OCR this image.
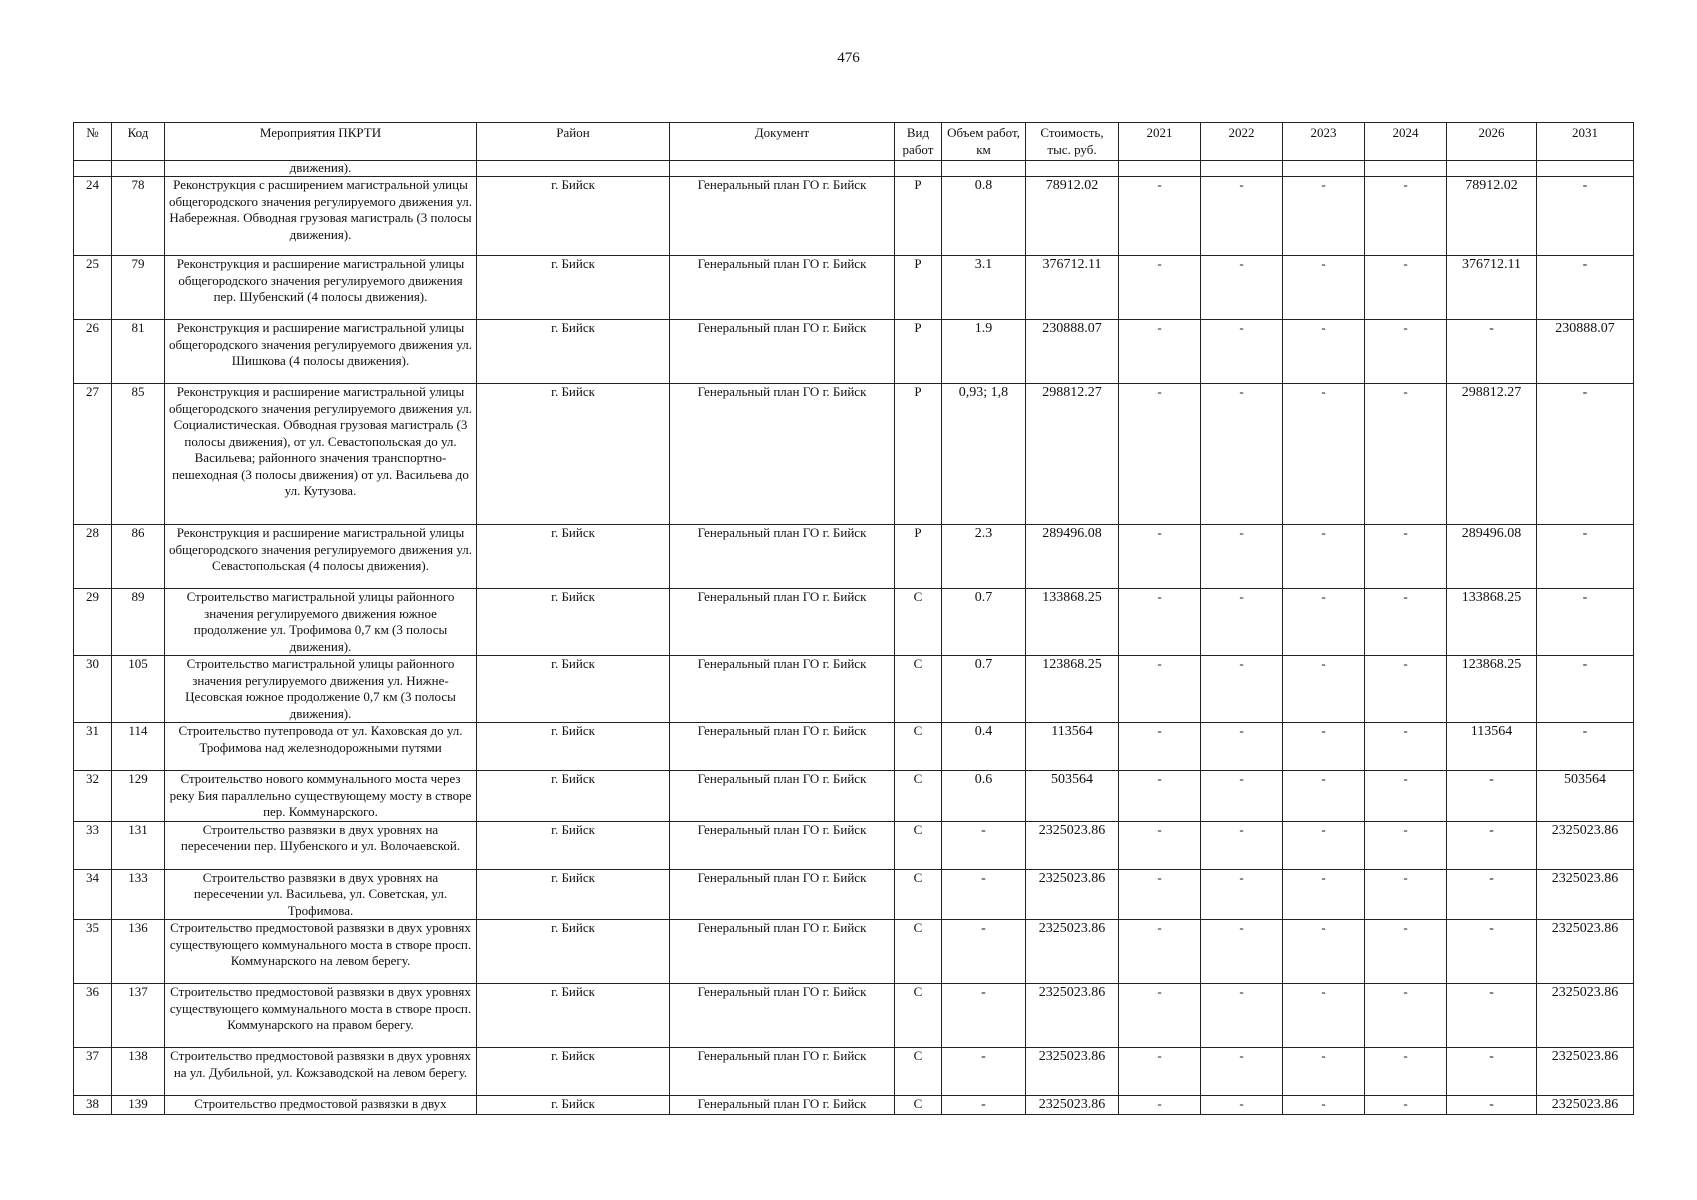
476
№	Код	Мероприятия ПКРТИ	Район	Документ	Вид работ	Объем работ, км	Стоимость, тыс. руб.	2021	2022	2023	2024	2026	2031
		движения).											
24	78	Реконструкция с расширением магистральной улицы общегородского значения регулируемого движения ул. Набережная. Обводная грузовая магистраль (3 полосы движения).	г. Бийск	Генеральный план ГО г. Бийск	Р	0.8	78912.02	-	-	-	-	78912.02	-
25	79	Реконструкция и расширение магистральной улицы общегородского значения регулируемого движения пер. Шубенский (4 полосы движения).	г. Бийск	Генеральный план ГО г. Бийск	Р	3.1	376712.11	-	-	-	-	376712.11	-
26	81	Реконструкция и расширение магистральной улицы общегородского значения регулируемого движения ул. Шишкова (4 полосы движения).	г. Бийск	Генеральный план ГО г. Бийск	Р	1.9	230888.07	-	-	-	-	-	230888.07
27	85	Реконструкция и расширение магистральной улицы общегородского значения регулируемого движения ул. Социалистическая. Обводная грузовая магистраль (3 полосы движения), от ул. Севастопольская до ул. Васильева; районного значения транспортно-пешеходная (3 полосы движения) от ул. Васильева до ул. Кутузова.	г. Бийск	Генеральный план ГО г. Бийск	Р	0,93; 1,8	298812.27	-	-	-	-	298812.27	-
28	86	Реконструкция и расширение магистральной улицы общегородского значения регулируемого движения ул. Севастопольская (4 полосы движения).	г. Бийск	Генеральный план ГО г. Бийск	Р	2.3	289496.08	-	-	-	-	289496.08	-
29	89	Строительство магистральной улицы районного значения регулируемого движения южное продолжение ул. Трофимова 0,7 км (3 полосы движения).	г. Бийск	Генеральный план ГО г. Бийск	С	0.7	133868.25	-	-	-	-	133868.25	-
30	105	Строительство магистральной улицы районного значения регулируемого движения ул. Нижне-Цесовская южное продолжение 0,7 км (3 полосы движения).	г. Бийск	Генеральный план ГО г. Бийск	С	0.7	123868.25	-	-	-	-	123868.25	-
31	114	Строительство путепровода от ул. Каховская до ул. Трофимова над железнодорожными путями	г. Бийск	Генеральный план ГО г. Бийск	С	0.4	113564	-	-	-	-	113564	-
32	129	Строительство нового коммунального моста через реку Бия параллельно существующему мосту в створе пер. Коммунарского.	г. Бийск	Генеральный план ГО г. Бийск	С	0.6	503564	-	-	-	-	-	503564
33	131	Строительство развязки в двух уровнях на пересечении пер. Шубенского и ул. Волочаевской.	г. Бийск	Генеральный план ГО г. Бийск	С	-	2325023.86	-	-	-	-	-	2325023.86
34	133	Строительство развязки в двух уровнях на пересечении ул. Васильева, ул. Советская, ул. Трофимова.	г. Бийск	Генеральный план ГО г. Бийск	С	-	2325023.86	-	-	-	-	-	2325023.86
35	136	Строительство предмостовой развязки в двух уровнях существующего коммунального моста в створе просп. Коммунарского на левом берегу.	г. Бийск	Генеральный план ГО г. Бийск	С	-	2325023.86	-	-	-	-	-	2325023.86
36	137	Строительство предмостовой развязки в двух уровнях существующего коммунального моста в створе просп. Коммунарского на правом берегу.	г. Бийск	Генеральный план ГО г. Бийск	С	-	2325023.86	-	-	-	-	-	2325023.86
37	138	Строительство предмостовой развязки в двух уровнях на ул. Дубильной, ул. Кожзаводской на левом берегу.	г. Бийск	Генеральный план ГО г. Бийск	С	-	2325023.86	-	-	-	-	-	2325023.86
38	139	Строительство предмостовой развязки в двух	г. Бийск	Генеральный план ГО г. Бийск	С	-	2325023.86	-	-	-	-	-	2325023.86
